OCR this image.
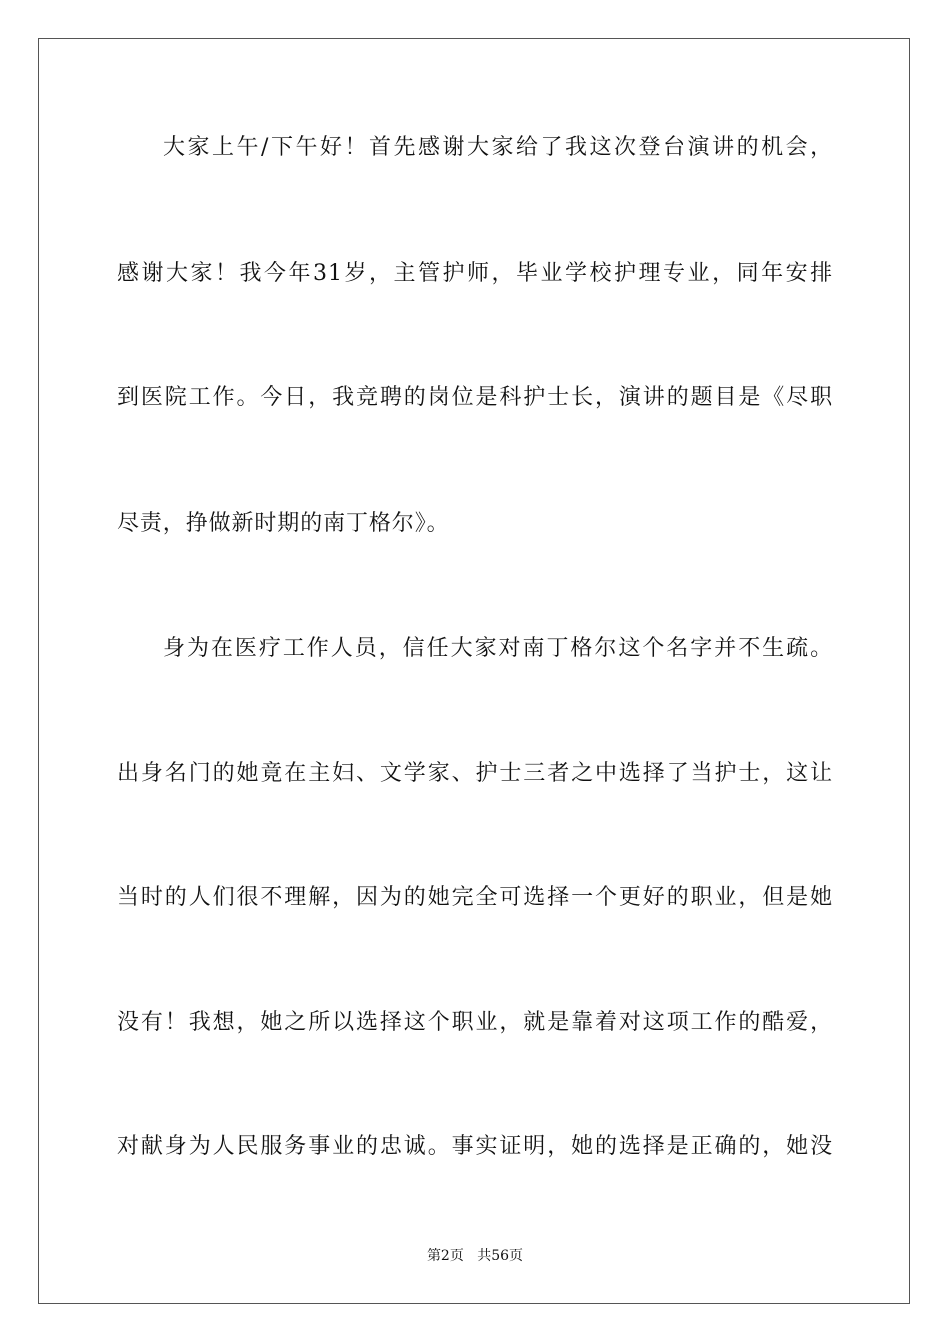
大家上午/下午好！首先感谢大家给了我这次登台演讲的机会，
感谢大家！我今年31岁，主管护师，毕业学校护理专业，同年安排
到医院工作。今日，我竞聘的岗位是科护士长，演讲的题目是《尽职
尽责，挣做新时期的南丁格尔》。
身为在医疗工作人员，信任大家对南丁格尔这个名字并不生疏。
出身名门的她竟在主妇、文学家、护士三者之中选择了当护士，这让
当时的人们很不理解，因为的她完全可选择一个更好的职业，但是她
没有！我想，她之所以选择这个职业，就是靠着对这项工作的酷爱，
对献身为人民服务事业的忠诚。事实证明，她的选择是正确的，她没
第2页 共56页
